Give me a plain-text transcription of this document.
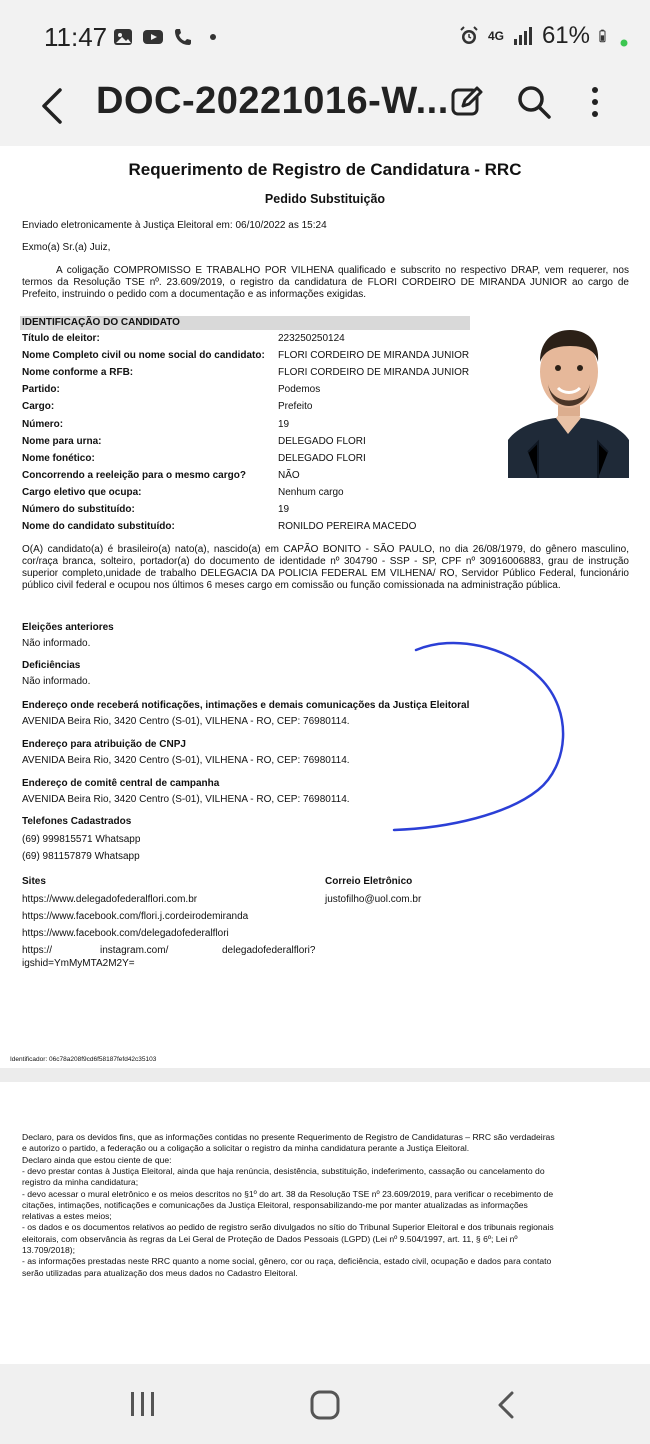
11:47	4G 61%
DOC-20221016-W...
Requerimento de Registro de Candidatura - RRC
Pedido Substituição
Enviado eletronicamente à Justiça Eleitoral em: 06/10/2022 as 15:24
Exmo(a) Sr.(a) Juiz,
A coligação COMPROMISSO E TRABALHO POR VILHENA qualificado e subscrito no respectivo DRAP, vem requerer, nos termos da Resolução TSE nº. 23.609/2019, o registro da candidatura de FLORI CORDEIRO DE MIRANDA JUNIOR ao cargo de Prefeito, instruindo o pedido com a documentação e as informações exigidas.
IDENTIFICAÇÃO DO CANDIDATO
Título de eleitor:	223250250124
Nome Completo civil ou nome social do candidato: FLORI CORDEIRO DE MIRANDA JUNIOR
Nome conforme a RFB:	FLORI CORDEIRO DE MIRANDA JUNIOR
Partido:	Podemos
Cargo:	Prefeito
Número:	19
Nome para urna:	DELEGADO FLORI
Nome fonético:	DELEGADO FLORI
Concorrendo a reeleição para o mesmo cargo?	NÃO
Cargo eletivo que ocupa:	Nenhum cargo
Número do substituído:	19
Nome do candidato substituído:	RONILDO PEREIRA MACEDO
O(A) candidato(a) é brasileiro(a) nato(a), nascido(a) em CAPÃO BONITO - SÃO PAULO, no dia 26/08/1979, do gênero masculino, cor/raça branca, solteiro, portador(a) do documento de identidade nº 304790 - SSP - SP, CPF nº 30916006883, grau de instrução superior completo,unidade de trabalho DELEGACIA DA POLICIA FEDERAL EM VILHENA/ RO, Servidor Público Federal, funcionário público civil federal e ocupou nos últimos 6 meses cargo em comissão ou função comissionada na administração pública.
Eleições anteriores
Não informado.
Deficiências
Não informado.
Endereço onde receberá notificações, intimações e demais comunicações da Justiça Eleitoral
AVENIDA Beira Rio, 3420 Centro (S-01), VILHENA - RO, CEP: 76980114.
Endereço para atribuição de CNPJ
AVENIDA Beira Rio, 3420 Centro (S-01), VILHENA - RO, CEP: 76980114.
Endereço de comitê central de campanha
AVENIDA Beira Rio, 3420 Centro (S-01), VILHENA - RO, CEP: 76980114.
Telefones Cadastrados
(69) 999815571 Whatsapp
(69) 981157879 Whatsapp
Sites
https://www.delegadofederalflori.com.br
https://www.facebook.com/flori.j.cordeirodemiranda
https://www.facebook.com/delegadofederalflori
https://	instagram.com/	delegadofederalflori?
igshid=YmMyMTA2M2Y=
Correio Eletrônico
justofilho@uol.com.br
Identificador: 06c78a208f9cd6f58187fefd42c35103
Declaro, para os devidos fins, que as informações contidas no presente Requerimento de Registro de Candidaturas – RRC são verdadeiras
e autorizo o partido, a federação ou a coligação a solicitar o registro da minha candidatura perante a Justiça Eleitoral.
Declaro ainda que estou ciente de que:
- devo prestar contas à Justiça Eleitoral, ainda que haja renúncia, desistência, substituição, indeferimento, cassação ou cancelamento do
registro da minha candidatura;
- devo acessar o mural eletrônico e os meios descritos no §1º do art. 38 da Resolução TSE nº 23.609/2019, para verificar o recebimento de
citações, intimações, notificações e comunicações da Justiça Eleitoral, responsabilizando-me por manter atualizadas as informações
relativas a estes meios;
- os dados e os documentos relativos ao pedido de registro serão divulgados no sítio do Tribunal Superior Eleitoral e dos tribunais regionais
eleitorais, com observância às regras da Lei Geral de Proteção de Dados Pessoais (LGPD) (Lei nº 9.504/1997, art. 11, § 6º; Lei nº
13.709/2018);
- as informações prestadas neste RRC quanto a nome social, gênero, cor ou raça, deficiência, estado civil, ocupação e dados para contato
serão utilizadas para atualização dos meus dados no Cadastro Eleitoral.
